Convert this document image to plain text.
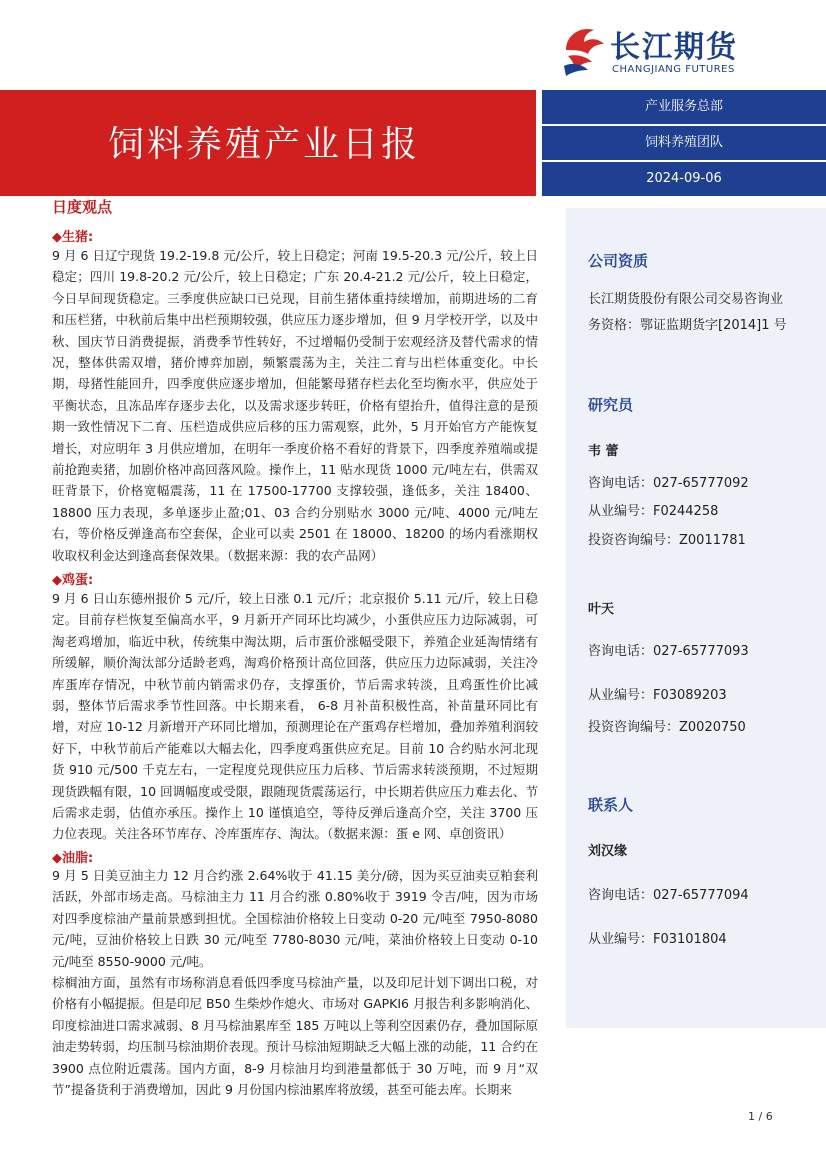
长江期货
CHANGJIANG FUTURES
饲料养殖产业日报
产业服务总部
饲料养殖团队
2024-09-06
日度观点
◆生猪:
9 月 6 日辽宁现货 19.2-19.8 元/公斤，较上日稳定；河南 19.5-20.3 元/公斤，较上日稳定；四川 19.8-20.2 元/公斤，较上日稳定；广东 20.4-21.2 元/公斤，较上日稳定，今日早间现货稳定。三季度供应缺口已兑现，目前生猪体重持续增加，前期进场的二育和压栏猪，中秋前后集中出栏预期较强，供应压力逐步增加，但 9 月学校开学，以及中秋、国庆节日消费提振，消费季节性转好，不过增幅仍受制于宏观经济及替代需求的情况，整体供需双增，猪价博弈加剧，频繁震荡为主，关注二育与出栏体重变化。中长期，母猪性能回升，四季度供应逐步增加，但能繁母猪存栏去化至均衡水平，供应处于平衡状态，且冻品库存逐步去化，以及需求逐步转旺，价格有望抬升，值得注意的是预期一致性情况下二育、压栏造成供应后移的压力需观察，此外，5 月开始官方产能恢复增长，对应明年 3 月供应增加，在明年一季度价格不看好的背景下，四季度养殖端或提前抢跑卖猪，加剧价格冲高回落风险。操作上，11 贴水现货 1000 元/吨左右，供需双旺背景下，价格宽幅震荡，11 在 17500-17700 支撑较强，逢低多，关注 18400、18800 压力表现，多单逐步止盈;01、03 合约分别贴水 3000 元/吨、4000 元/吨左右，等价格反弹逢高布空套保，企业可以卖 2501 在 18000、18200 的场内看涨期权收取权利金达到逢高套保效果。（数据来源：我的农产品网）
◆鸡蛋:
9 月 6 日山东德州报价 5 元/斤，较上日涨 0.1 元/斤；北京报价 5.11 元/斤，较上日稳定。目前存栏恢复至偏高水平，9 月新开产同环比均减少，小蛋供应压力边际减弱，可淘老鸡增加，临近中秋，传统集中淘汰期，后市蛋价涨幅受限下，养殖企业延淘情绪有所缓解，顺价淘汰部分适龄老鸡，淘鸡价格预计高位回落，供应压力边际减弱，关注冷库蛋库存情况，中秋节前内销需求仍存，支撑蛋价，节后需求转淡，且鸡蛋性价比减弱，整体节后需求季节性回落。中长期来看， 6-8 月补苗积极性高，补苗量环同比有增，对应 10-12 月新增开产环同比增加，预测理论在产蛋鸡存栏增加，叠加养殖利润较好下，中秋节前后产能难以大幅去化，四季度鸡蛋供应充足。目前 10 合约贴水河北现货 910 元/500 千克左右，一定程度兑现供应压力后移、节后需求转淡预期，不过短期现货跌幅有限，10 回调幅度或受限，跟随现货震荡运行，中长期若供应压力难去化、节后需求走弱，估值亦承压。操作上 10 谨慎追空，等待反弹后逢高介空，关注 3700 压力位表现。关注各环节库存、冷库蛋库存、淘汰。（数据来源：蛋 e 网、卓创资讯）
◆油脂:
9 月 5 日美豆油主力 12 月合约涨 2.64%收于 41.15 美分/磅，因为买豆油卖豆粕套利活跃，外部市场走高。马棕油主力 11 月合约涨 0.80%收于 3919 令吉/吨，因为市场对四季度棕油产量前景感到担忧。全国棕油价格较上日变动 0-20 元/吨至 7950-8080 元/吨，豆油价格较上日跌 30 元/吨至 7780-8030 元/吨，菜油价格较上日变动 0-10 元/吨至 8550-9000 元/吨。
棕榈油方面，虽然有市场称消息看低四季度马棕油产量，以及印尼计划下调出口税，对价格有小幅提振。但是印尼 B50 生柴炒作熄火、市场对 GAPKI6 月报告利多影响消化、印度棕油进口需求减弱、8 月马棕油累库至 185 万吨以上等利空因素仍存，叠加国际原油走势转弱，均压制马棕油期价表现。预计马棕油短期缺乏大幅上涨的动能，11 合约在 3900 点位附近震荡。国内方面，8-9 月棕油月均到港量都低于 30 万吨，而 9 月“双节”提备货利于消费增加，因此 9 月份国内棕油累库将放缓，甚至可能去库。长期来
公司资质
长江期货股份有限公司交易咨询业
务资格：鄂证监期货字[2014]1 号
研究员
韦 蕾
咨询电话：027-65777092
从业编号：F0244258
投资咨询编号：Z0011781
叶天
咨询电话：027-65777093
从业编号：F03089203
投资咨询编号：Z0020750
联系人
刘汉缘
咨询电话：027-65777094
从业编号：F03101804
1 / 6
